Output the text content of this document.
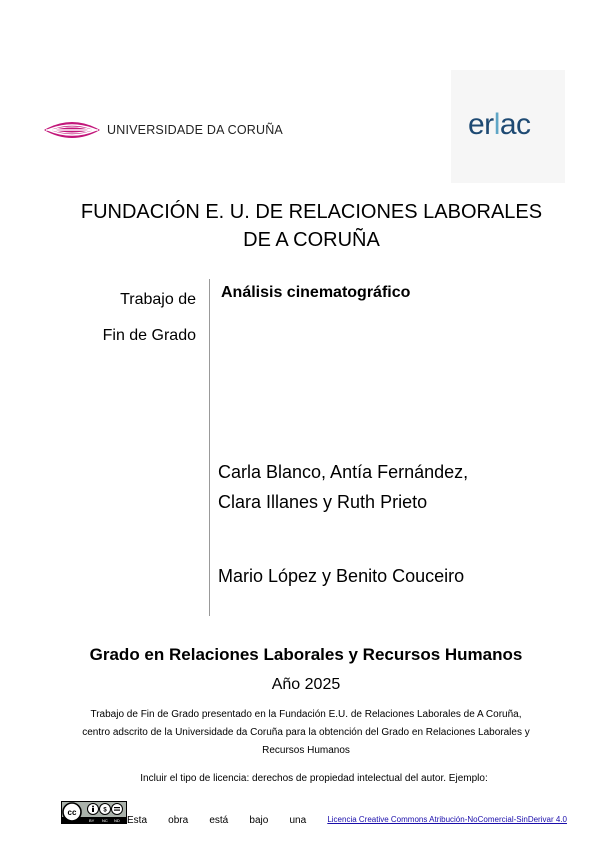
UNIVERSIDADE DA CORUÑA	erlac
FUNDACIÓN E. U. DE RELACIONES LABORALES
DE A CORUÑA
Trabajo de
Fin de Grado
Análisis cinematográfico
Carla Blanco, Antía Fernández,
Clara Illanes y Ruth Prieto
Mario López y Benito Couceiro
Grado en Relaciones Laborales y Recursos Humanos
Año 2025
Trabajo de Fin de Grado presentado en la Fundación E.U. de Relaciones Laborales de A Coruña,
centro adscrito de la Universidade da Coruña para la obtención del Grado en Relaciones Laborales y
Recursos Humanos
Incluir el tipo de licencia: derechos de propiedad intelectual del autor. Ejemplo:
cc	$
BY NC ND Esta obra está bajo una	Licencia Creative Commons Atribución-NoComercial-SinDerivar 4.0
